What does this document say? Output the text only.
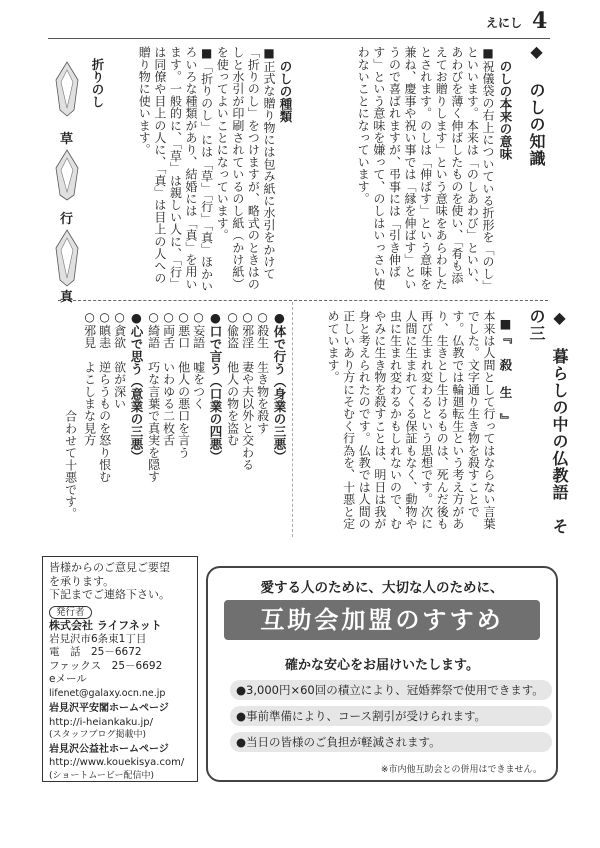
えにし 4
◆ のしの知識
のしの本来の意味
■祝儀袋の右上についている折形を「のし」といいます。本来は「のしあわび」といい、あわびを薄く伸ばしたものを使い、「肴も添えてお贈りします」という意味をあらわしたとされます。のしは「伸ばす」という意味を兼ね、慶事や祝い事では「縁を伸ばす」というので喜ばれますが、弔事には「引き伸ばす」という意味を嫌って、のしはいっさい使わないことになっています。
のしの種類
■正式な贈り物には包み紙に水引をかけて「折りのし」をつけますが、略式のときはのしと水引が印刷されているのし紙（かけ紙）を使ってよいことになっています。
■「折りのし」には「草」「行」「真」ほかいろいろな種類があり、結婚には「真」を用います。一般的に、「草」は親しい人に、「行」は同僚や目上の人に、「真」は目上の人への贈り物に使います。
折りのし
草
行
真
◆ 暮らしの中の仏教語　その三
■『 殺 生 』
本来は人間として行ってはならない言葉でした。文字通り生き物を殺すことです。仏教では輪廻転生という考え方があり、生きとし生けるものは、死んだ後も再び生まれ変わるという思想です。次に人間に生まれてくる保証もなく、動物や虫に生まれ変わるかもしれないので、むやみに生き物を殺すことは、明日は我が身と考えられたのです。仏教では人間の正しいあり方にそむく行為を、十悪と定めています。
●体で行う（身業の三悪）
○殺生　生き物を殺す
○邪淫　妻や夫以外と交わる
○偸盗　他人の物を盗む
●口で言う（口業の四悪）
○妄語　嘘をつく
○悪口　他人の悪口を言う
○両舌　いわゆる二枚舌
○綺語　巧な言葉で真実を隠す
●心で思う（意業の三悪）
○貪欲　欲が深い
○瞋恚　逆らうものを怒り恨む
○邪見　よこしまな見方
合わせて十悪です。
皆様からのご意見ご要望
を承ります。
下記までご連絡下さい。
発行者
株式会社 ライフネット
岩見沢市6条東1丁目
電　話　25－6672
ファックス　25－6692
eメール
lifenet@galaxy.ocn.ne.jp
岩見沢平安閣ホームページ
http://i-heiankaku.jp/
(スタッフブログ掲載中)
岩見沢公益社ホームページ
http://www.kouekisya.com/
(ショートムービー配信中)
愛する人のために、大切な人のために、
互助会加盟のすすめ
確かな安心をお届けいたします。
●3,000円×60回の積立により、冠婚葬祭で使用できます。
●事前準備により、コース割引が受けられます。
●当日の皆様のご負担が軽減されます。
※市内他互助会との併用はできません。
